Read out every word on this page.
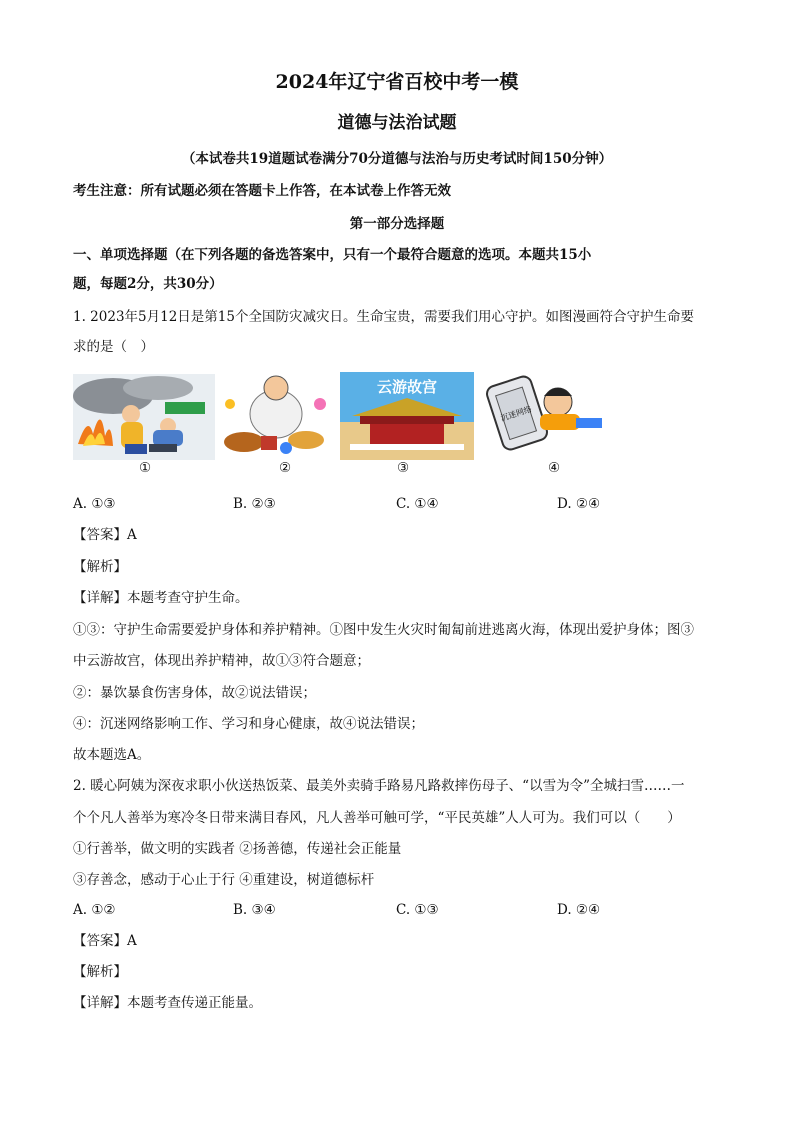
2024年辽宁省百校中考一模
道德与法治试题
（本试卷共19道题试卷满分70分道德与法治与历史考试时间150分钟）
考生注意：所有试题必须在答题卡上作答，在本试卷上作答无效
第一部分选择题
一、单项选择题（在下列各题的备选答案中，只有一个最符合题意的选项。本题共15小
题，每题2分，共30分）
1. 2023年5月12日是第15个全国防灾减灾日。生命宝贵，需要我们用心守护。如图漫画符合守护生命要
求的是（　）
云游故宫
沉迷网络
①	②	③	④
A. ①③	B. ②③	C. ①④	D. ②④
【答案】A
【解析】
【详解】本题考查守护生命。
①③：守护生命需要爱护身体和养护精神。①图中发生火灾时匍匐前进逃离火海，体现出爱护身体；图③
中云游故宫，体现出养护精神，故①③符合题意；
②：暴饮暴食伤害身体，故②说法错误；
④：沉迷网络影响工作、学习和身心健康，故④说法错误；
故本题选A。
2. 暖心阿姨为深夜求职小伙送热饭菜、最美外卖骑手路易凡路救摔伤母子、“以雪为令”全城扫雪……一
个个凡人善举为寒冷冬日带来满目春风，凡人善举可触可学，“平民英雄”人人可为。我们可以（　　）
①行善举，做文明的实践者 ②扬善德，传递社会正能量
③存善念，感动于心止于行 ④重建设，树道德标杆
A. ①②	B. ③④	C. ①③	D. ②④
【答案】A
【解析】
【详解】本题考查传递正能量。
